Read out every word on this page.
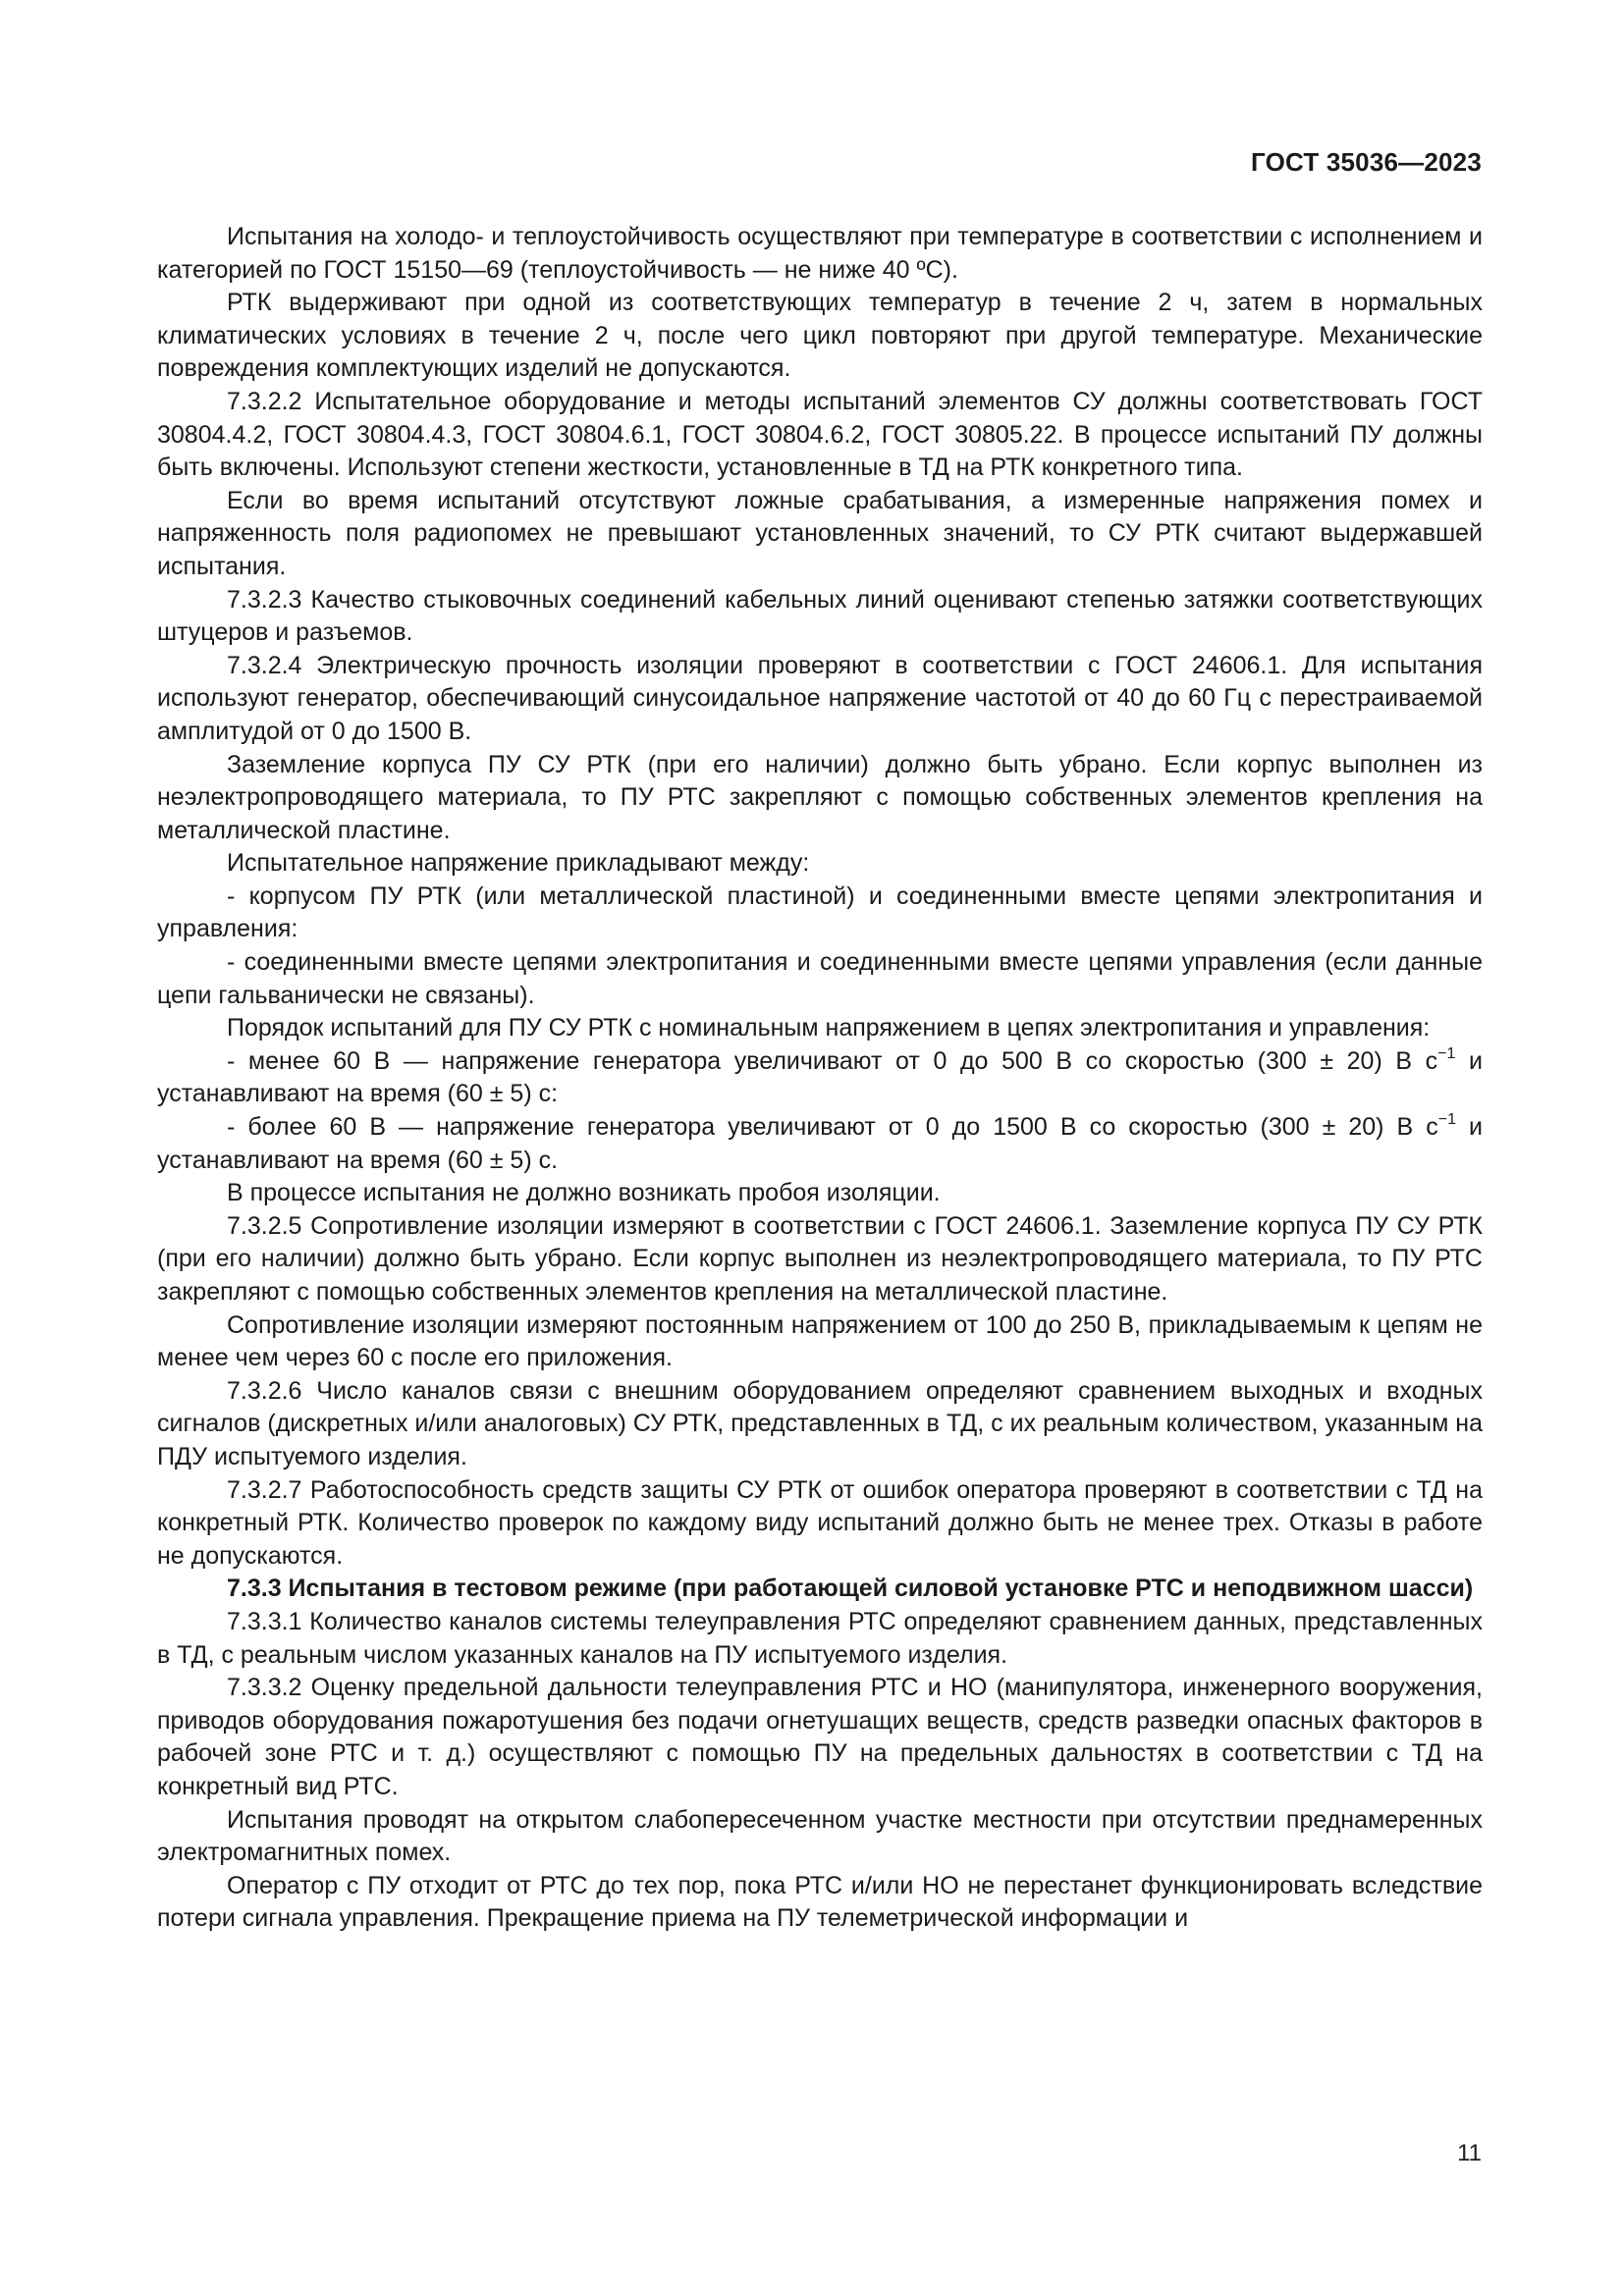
ГОСТ 35036—2023

Испытания на холодо- и теплоустойчивость осуществляют при температуре в соответствии с исполнением и категорией по ГОСТ 15150—69 (теплоустойчивость — не ниже 40 ºС).

РТК выдерживают при одной из соответствующих температур в течение 2 ч, затем в нормальных климатических условиях в течение 2 ч, после чего цикл повторяют при другой температуре. Механические повреждения комплектующих изделий не допускаются.

7.3.2.2 Испытательное оборудование и методы испытаний элементов СУ должны соответствовать ГОСТ 30804.4.2, ГОСТ 30804.4.3, ГОСТ 30804.6.1, ГОСТ 30804.6.2, ГОСТ 30805.22. В процессе испытаний ПУ должны быть включены. Используют степени жесткости, установленные в ТД на РТК конкретного типа.

Если во время испытаний отсутствуют ложные срабатывания, а измеренные напряжения помех и напряженность поля радиопомех не превышают установленных значений, то СУ РТК считают выдержавшей испытания.

7.3.2.3 Качество стыковочных соединений кабельных линий оценивают степенью затяжки соответствующих штуцеров и разъемов.

7.3.2.4 Электрическую прочность изоляции проверяют в соответствии с ГОСТ 24606.1. Для испытания используют генератор, обеспечивающий синусоидальное напряжение частотой от 40 до 60 Гц с перестраиваемой амплитудой от 0 до 1500 В.

Заземление корпуса ПУ СУ РТК (при его наличии) должно быть убрано. Если корпус выполнен из неэлектропроводящего материала, то ПУ РТС закрепляют с помощью собственных элементов крепления на металлической пластине.

Испытательное напряжение прикладывают между:

- корпусом ПУ РТК (или металлической пластиной) и соединенными вместе цепями электропитания и управления:

- соединенными вместе цепями электропитания и соединенными вместе цепями управления (если данные цепи гальванически не связаны).

Порядок испытаний для ПУ СУ РТК с номинальным напряжением в цепях электропитания и управления:

- менее 60 В — напряжение генератора увеличивают от 0 до 500 В со скоростью (300 ± 20) В $с^{-1}$ и устанавливают на время (60 ± 5) с:

- более 60 В — напряжение генератора увеличивают от 0 до 1500 В со скоростью (300 ± 20) В $с^{-1}$ и устанавливают на время (60 ± 5) с.

В процессе испытания не должно возникать пробоя изоляции.

7.3.2.5 Сопротивление изоляции измеряют в соответствии с ГОСТ 24606.1. Заземление корпуса ПУ СУ РТК (при его наличии) должно быть убрано. Если корпус выполнен из неэлектропроводящего материала, то ПУ РТС закрепляют с помощью собственных элементов крепления на металлической пластине.

Сопротивление изоляции измеряют постоянным напряжением от 100 до 250 В, прикладываемым к цепям не менее чем через 60 с после его приложения.

7.3.2.6 Число каналов связи с внешним оборудованием определяют сравнением выходных и входных сигналов (дискретных и/или аналоговых) СУ РТК, представленных в ТД, с их реальным количеством, указанным на ПДУ испытуемого изделия.

7.3.2.7 Работоспособность средств защиты СУ РТК от ошибок оператора проверяют в соответствии с ТД на конкретный РТК. Количество проверок по каждому виду испытаний должно быть не менее трех. Отказы в работе не допускаются.

7.3.3 Испытания в тестовом режиме (при работающей силовой установке РТС и неподвижном шасси)

7.3.3.1 Количество каналов системы телеуправления РТС определяют сравнением данных, представленных в ТД, с реальным числом указанных каналов на ПУ испытуемого изделия.

7.3.3.2 Оценку предельной дальности телеуправления РТС и НО (манипулятора, инженерного вооружения, приводов оборудования пожаротушения без подачи огнетушащих веществ, средств разведки опасных факторов в рабочей зоне РТС и т. д.) осуществляют с помощью ПУ на предельных дальностях в соответствии с ТД на конкретный вид РТС.

Испытания проводят на открытом слабопересеченном участке местности при отсутствии преднамеренных электромагнитных помех.

Оператор с ПУ отходит от РТС до тех пор, пока РТС и/или НО не перестанет функционировать вследствие потери сигнала управления. Прекращение приема на ПУ телеметрической информации и

11
